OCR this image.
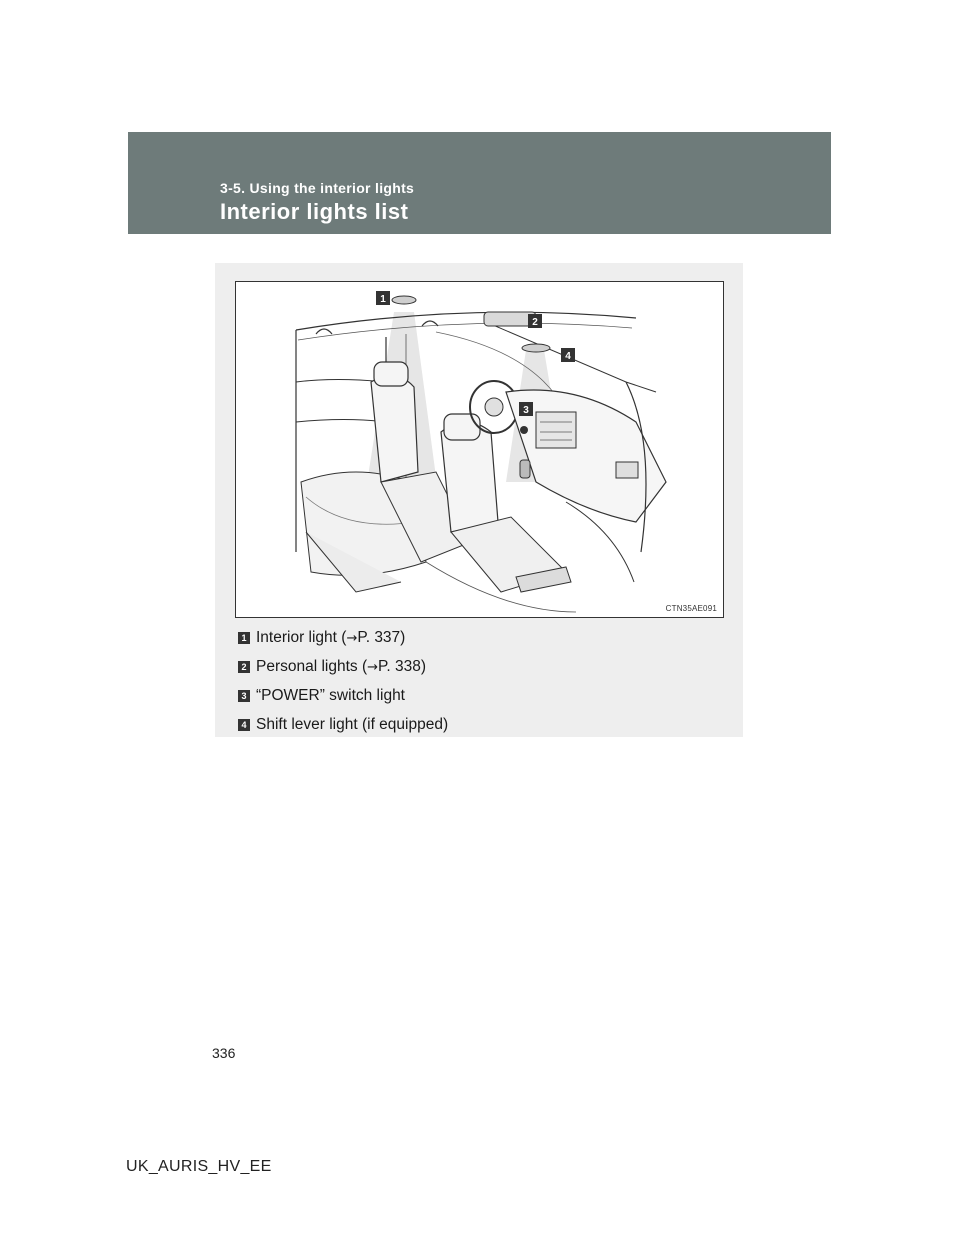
3-5. Using the interior lights
Interior lights list
1
2
3
4
CTN35AE091
1 Interior light ( → P. 337)
2 Personal lights ( → P. 338)
3 “POWER” switch light
4 Shift lever light (if equipped)
336
UK_AURIS_HV_EE
